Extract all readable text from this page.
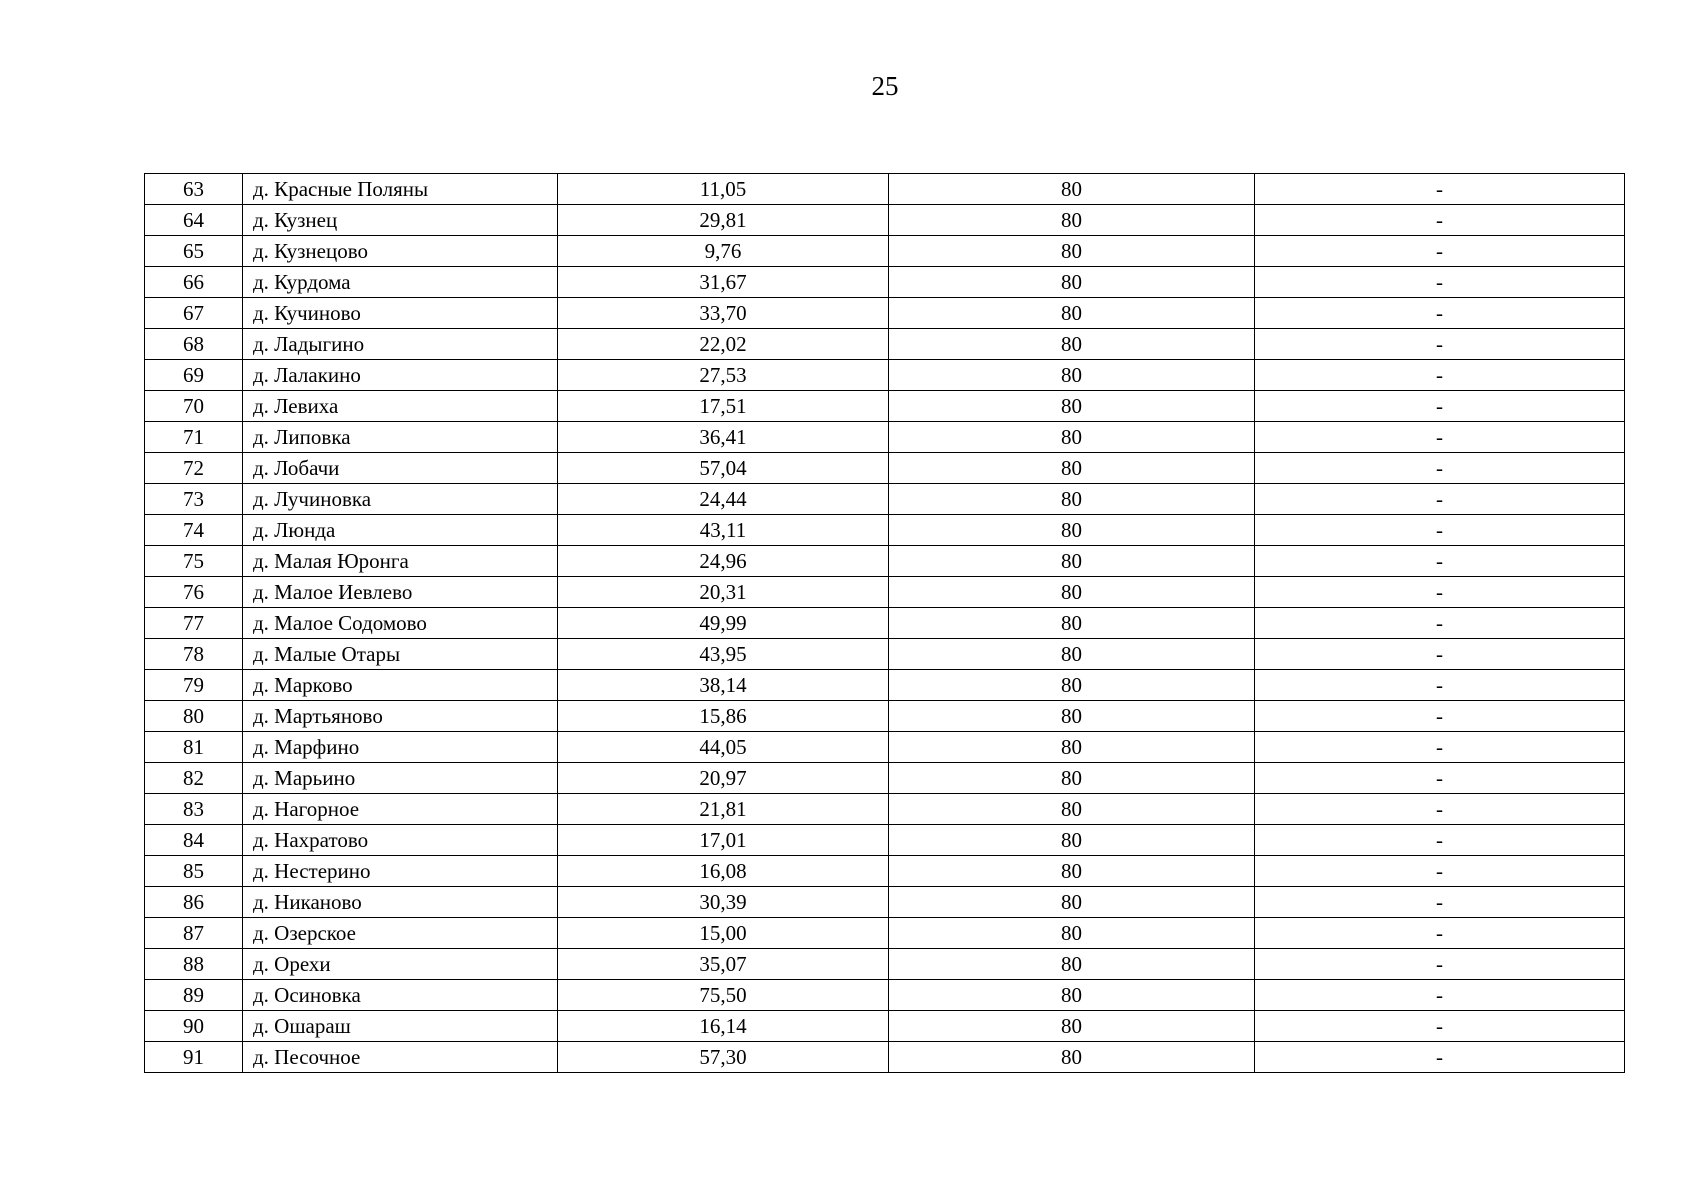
25
63	д. Красные Поляны	11,05	80	-
64	д. Кузнец	29,81	80	-
65	д. Кузнецово	9,76	80	-
66	д. Курдома	31,67	80	-
67	д. Кучиново	33,70	80	-
68	д. Ладыгино	22,02	80	-
69	д. Лалакино	27,53	80	-
70	д. Левиха	17,51	80	-
71	д. Липовка	36,41	80	-
72	д. Лобачи	57,04	80	-
73	д. Лучиновка	24,44	80	-
74	д. Люнда	43,11	80	-
75	д. Малая Юронга	24,96	80	-
76	д. Малое Иевлево	20,31	80	-
77	д. Малое Содомово	49,99	80	-
78	д. Малые Отары	43,95	80	-
79	д. Марково	38,14	80	-
80	д. Мартьяново	15,86	80	-
81	д. Марфино	44,05	80	-
82	д. Марьино	20,97	80	-
83	д. Нагорное	21,81	80	-
84	д. Нахратово	17,01	80	-
85	д. Нестерино	16,08	80	-
86	д. Никаново	30,39	80	-
87	д. Озерское	15,00	80	-
88	д. Орехи	35,07	80	-
89	д. Осиновка	75,50	80	-
90	д. Ошараш	16,14	80	-
91	д. Песочное	57,30	80	-
